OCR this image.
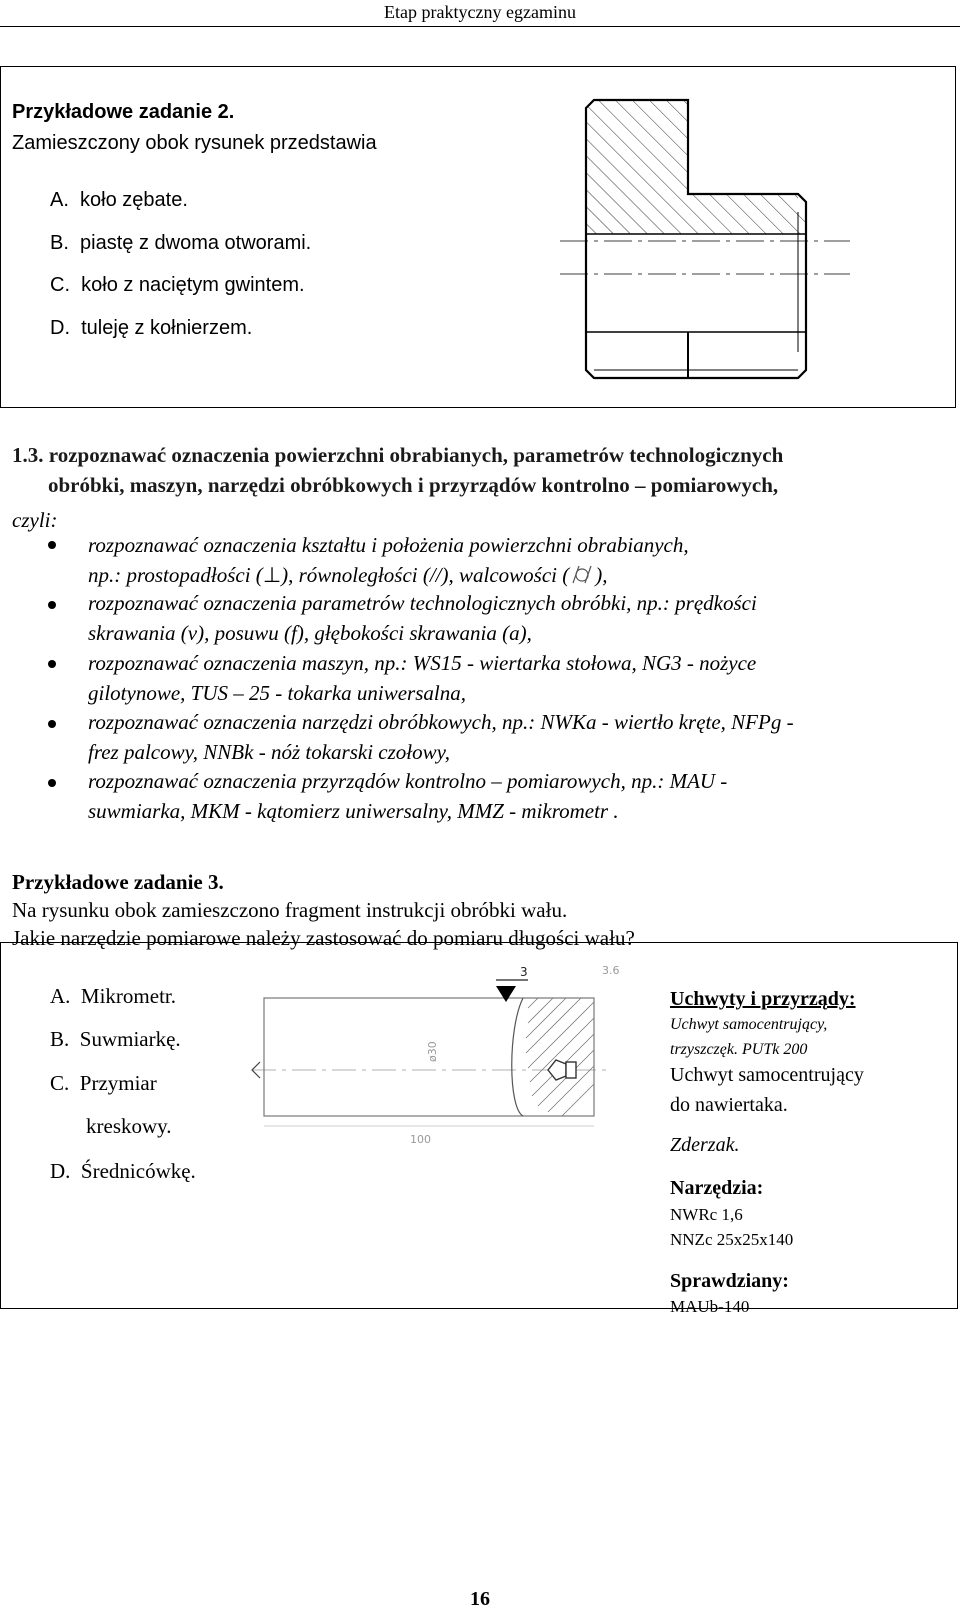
Etap praktyczny egzaminu
Przykładowe zadanie 2.
Zamieszczony obok rysunek przedstawia
A. koło zębate.
B. piastę z dwoma otworami.
C. koło z naciętym gwintem.
D. tuleję z kołnierzem.
1.3. rozpoznawać oznaczenia powierzchni obrabianych, parametrów technologicznych
obróbki, maszyn, narzędzi obróbkowych i przyrządów kontrolno – pomiarowych,
czyli:
rozpoznawać oznaczenia kształtu i położenia powierzchni obrabianych,
np.: prostopadłości (⊥), równoległości (//), walcowości ( ),
rozpoznawać oznaczenia parametrów technologicznych obróbki, np.: prędkości
skrawania (v), posuwu (f), głębokości skrawania (a),
rozpoznawać oznaczenia maszyn, np.: WS15 - wiertarka stołowa, NG3 - nożyce
gilotynowe, TUS – 25 - tokarka uniwersalna,
rozpoznawać oznaczenia narzędzi obróbkowych, np.: NWKa - wiertło kręte, NFPg -
frez palcowy, NNBk - nóż tokarski czołowy,
rozpoznawać oznaczenia przyrządów kontrolno – pomiarowych, np.: MAU -
suwmiarka, MKM - kątomierz uniwersalny, MMZ - mikrometr .
Przykładowe zadanie 3.
Na rysunku obok zamieszczono fragment instrukcji obróbki wału.
Jakie narzędzie pomiarowe należy zastosować do pomiaru długości wału?
A. Mikrometr.
B. Suwmiarkę.
C. Przymiar
kreskowy.
D. Średnicówkę.
3	3.6
ø30
100
Uchwyty i przyrządy:
Uchwyt samocentrujący,
trzyszczęk. PUTk 200
Uchwyt samocentrujący
do nawiertaka.
Zderzak.
Narzędzia:
NWRc 1,6
NNZc 25x25x140
Sprawdziany:
MAUb-140
16
